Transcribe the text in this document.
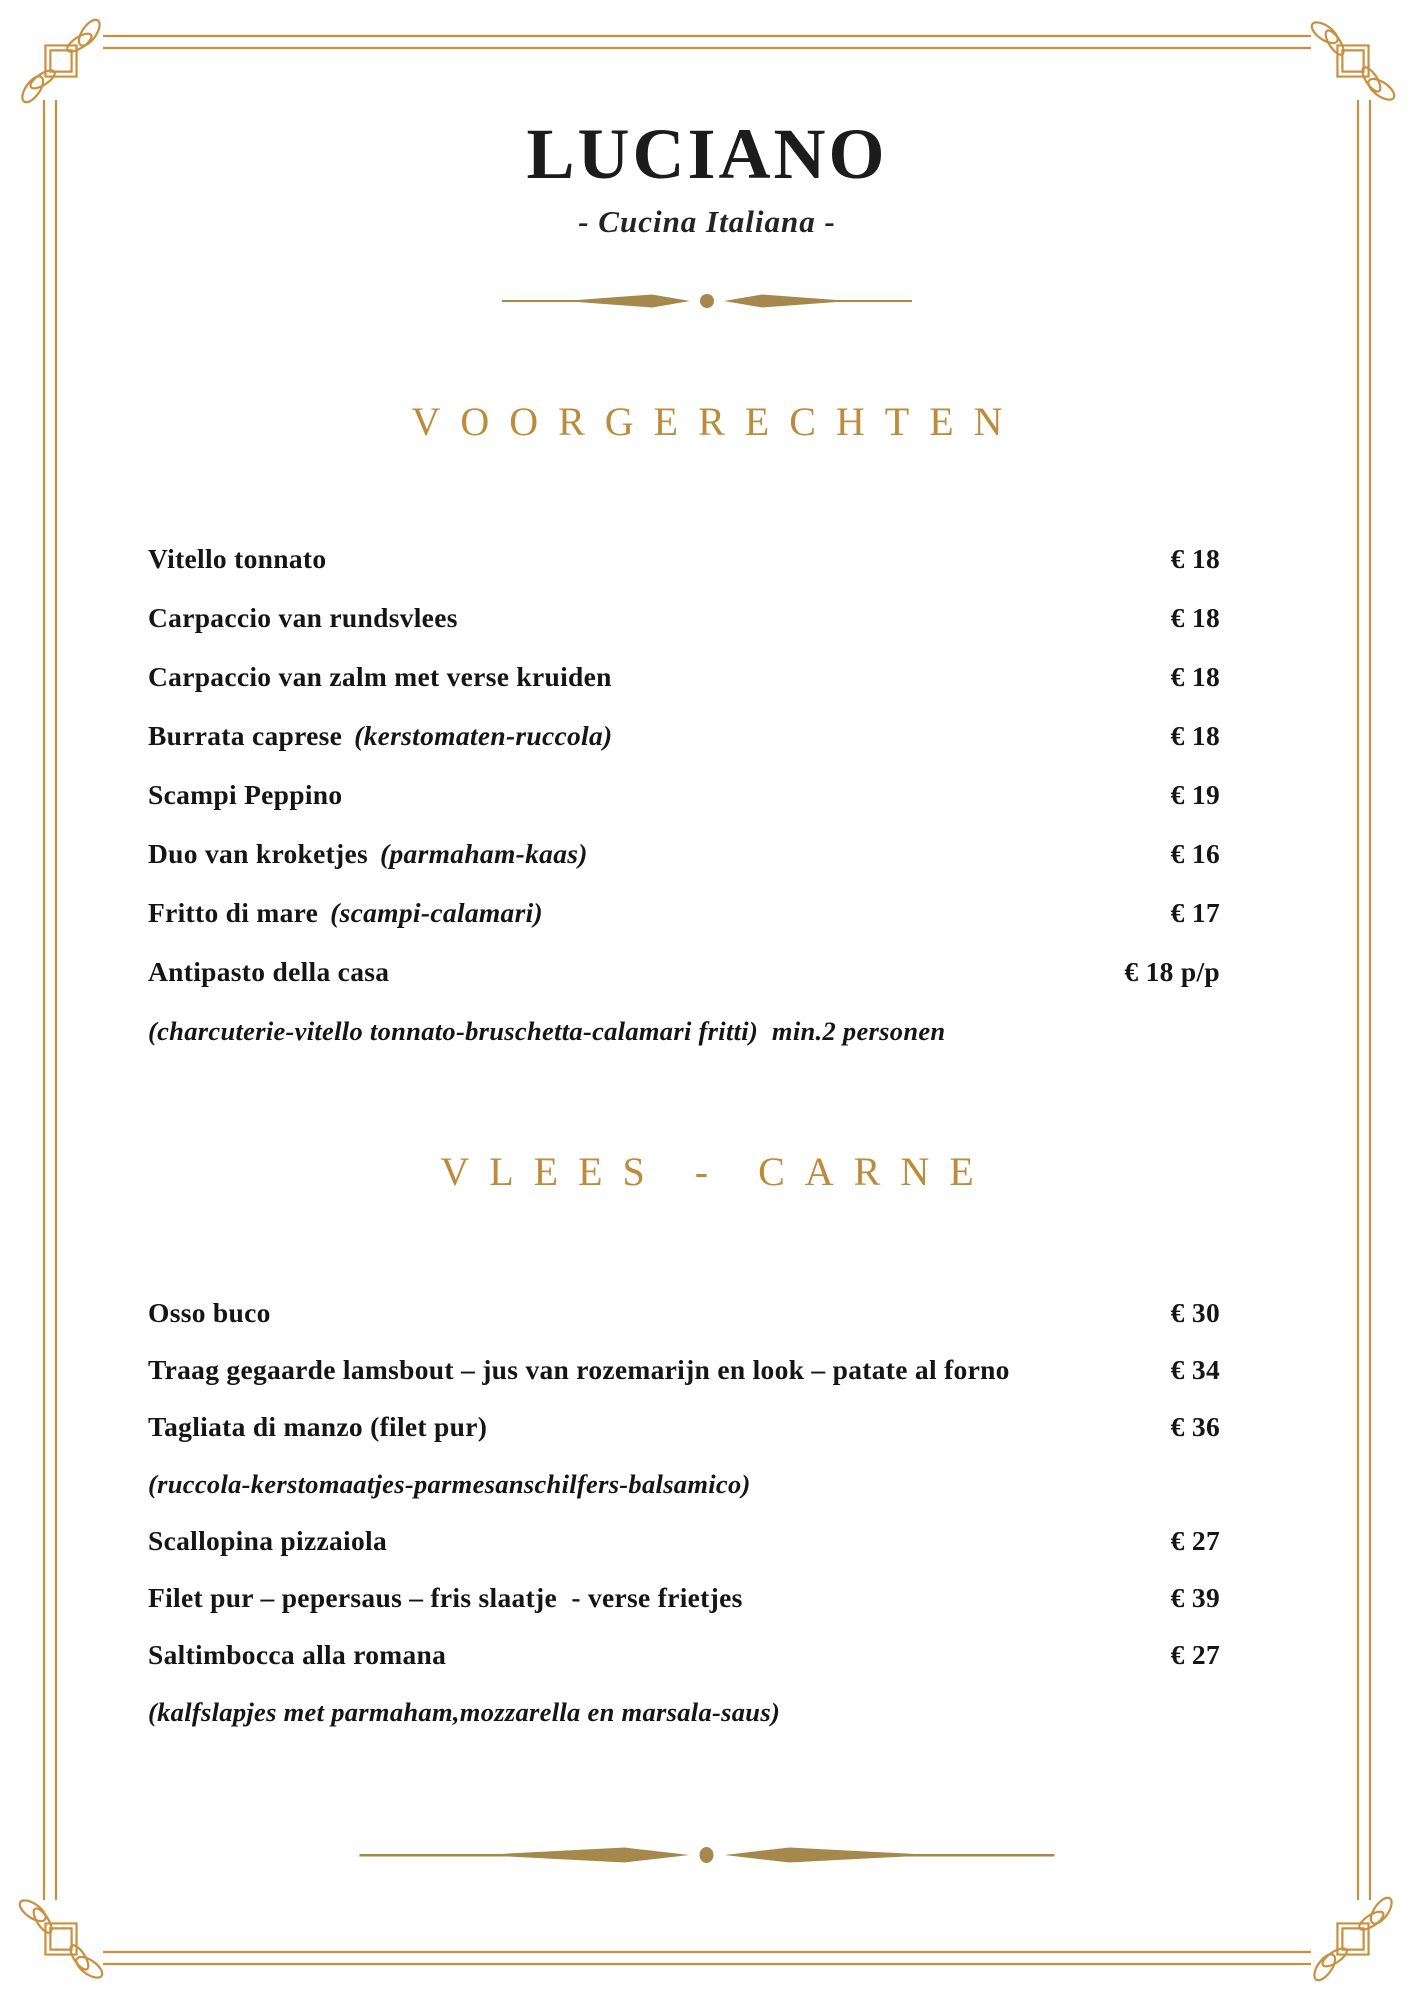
LUCIANO
- Cucina Italiana -
VOORGERECHTEN
Vitello tonnato	€ 18
Carpaccio van rundsvlees	€ 18
Carpaccio van zalm met verse kruiden	€ 18
Burrata caprese (kerstomaten-ruccola)	€ 18
Scampi Peppino	€ 19
Duo van kroketjes (parmaham-kaas)	€ 16
Fritto di mare (scampi-calamari)	€ 17
Antipasto della casa	€ 18 p/p
(charcuterie-vitello tonnato-bruschetta-calamari fritti)  min.2 personen
VLEES - CARNE
Osso buco	€ 30
Traag gegaarde lamsbout – jus van rozemarijn en look – patate al forno	€ 34
Tagliata di manzo (filet pur)	€ 36
(ruccola-kerstomaatjes-parmesanschilfers-balsamico)
Scallopina pizzaiola	€ 27
Filet pur – pepersaus – fris slaatje  - verse frietjes	€ 39
Saltimbocca alla romana	€ 27
(kalfslapjes met parmaham,mozzarella en marsala-saus)
